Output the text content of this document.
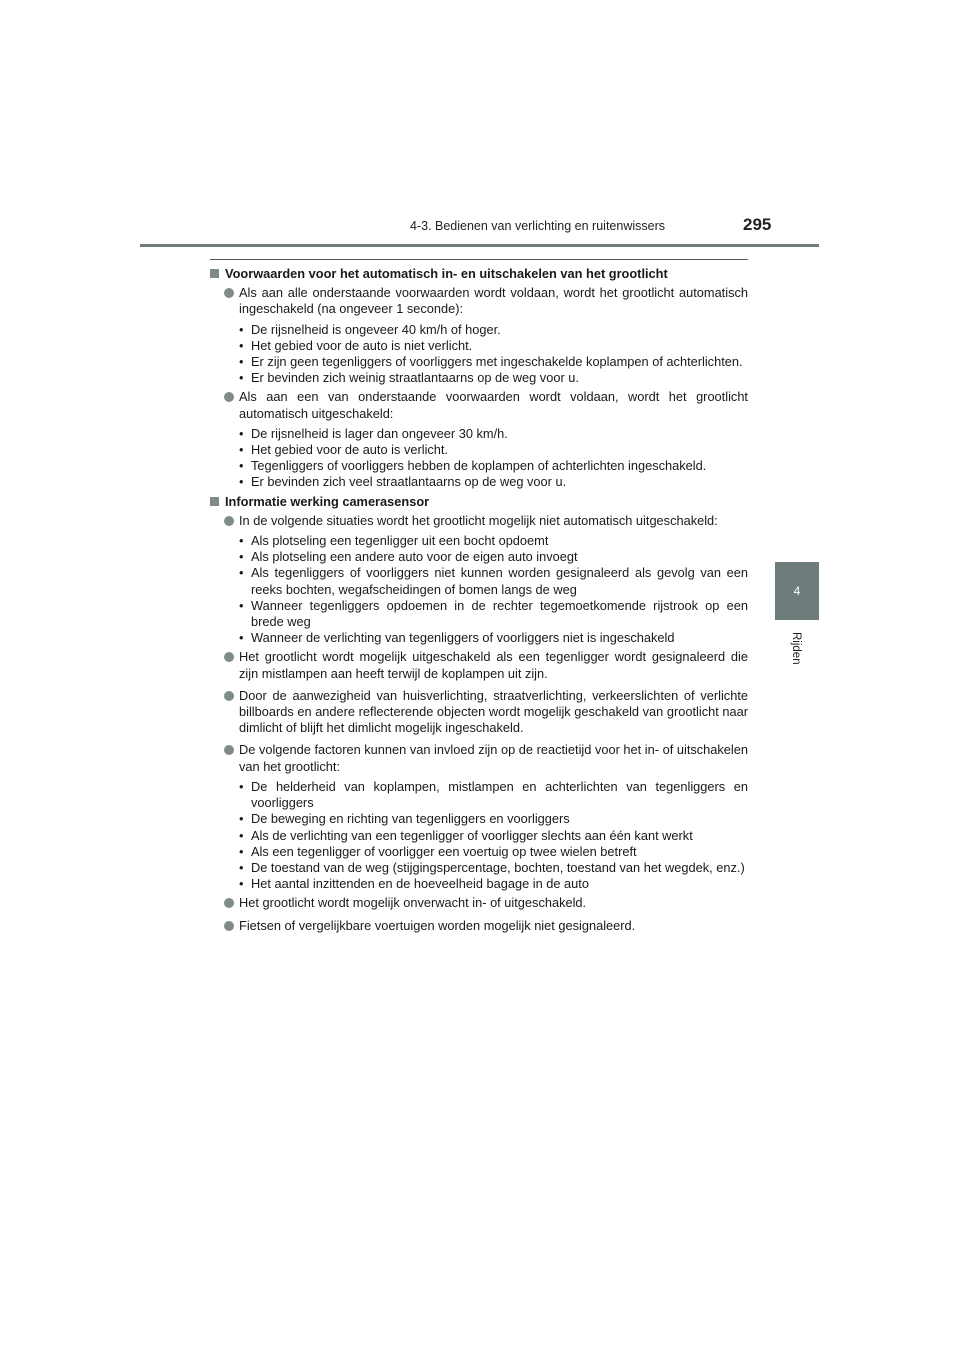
4-3. Bedienen van verlichting en ruitenwissers	295
4
Rijden
Voorwaarden voor het automatisch in- en uitschakelen van het grootlicht
Als aan alle onderstaande voorwaarden wordt voldaan, wordt het grootlicht automatisch ingeschakeld (na ongeveer 1 seconde):
• De rijsnelheid is ongeveer 40 km/h of hoger.
• Het gebied voor de auto is niet verlicht.
• Er zijn geen tegenliggers of voorliggers met ingeschakelde koplampen of achterlichten.
• Er bevinden zich weinig straatlantaarns op de weg voor u.
Als aan een van onderstaande voorwaarden wordt voldaan, wordt het grootlicht automatisch uitgeschakeld:
• De rijsnelheid is lager dan ongeveer 30 km/h.
• Het gebied voor de auto is verlicht.
• Tegenliggers of voorliggers hebben de koplampen of achterlichten ingeschakeld.
• Er bevinden zich veel straatlantaarns op de weg voor u.
Informatie werking camerasensor
In de volgende situaties wordt het grootlicht mogelijk niet automatisch uitgeschakeld:
• Als plotseling een tegenligger uit een bocht opdoemt
• Als plotseling een andere auto voor de eigen auto invoegt
• Als tegenliggers of voorliggers niet kunnen worden gesignaleerd als gevolg van een reeks bochten, wegafscheidingen of bomen langs de weg
• Wanneer tegenliggers opdoemen in de rechter tegemoetkomende rijstrook op een brede weg
• Wanneer de verlichting van tegenliggers of voorliggers niet is ingeschakeld
Het grootlicht wordt mogelijk uitgeschakeld als een tegenligger wordt gesignaleerd die zijn mistlampen aan heeft terwijl de koplampen uit zijn.
Door de aanwezigheid van huisverlichting, straatverlichting, verkeerslichten of verlichte billboards en andere reflecterende objecten wordt mogelijk geschakeld van grootlicht naar dimlicht of blijft het dimlicht mogelijk ingeschakeld.
De volgende factoren kunnen van invloed zijn op de reactietijd voor het in- of uitschakelen van het grootlicht:
• De helderheid van koplampen, mistlampen en achterlichten van tegenliggers en voorliggers
• De beweging en richting van tegenliggers en voorliggers
• Als de verlichting van een tegenligger of voorligger slechts aan één kant werkt
• Als een tegenligger of voorligger een voertuig op twee wielen betreft
• De toestand van de weg (stijgingspercentage, bochten, toestand van het wegdek, enz.)
• Het aantal inzittenden en de hoeveelheid bagage in de auto
Het grootlicht wordt mogelijk onverwacht in- of uitgeschakeld.
Fietsen of vergelijkbare voertuigen worden mogelijk niet gesignaleerd.
